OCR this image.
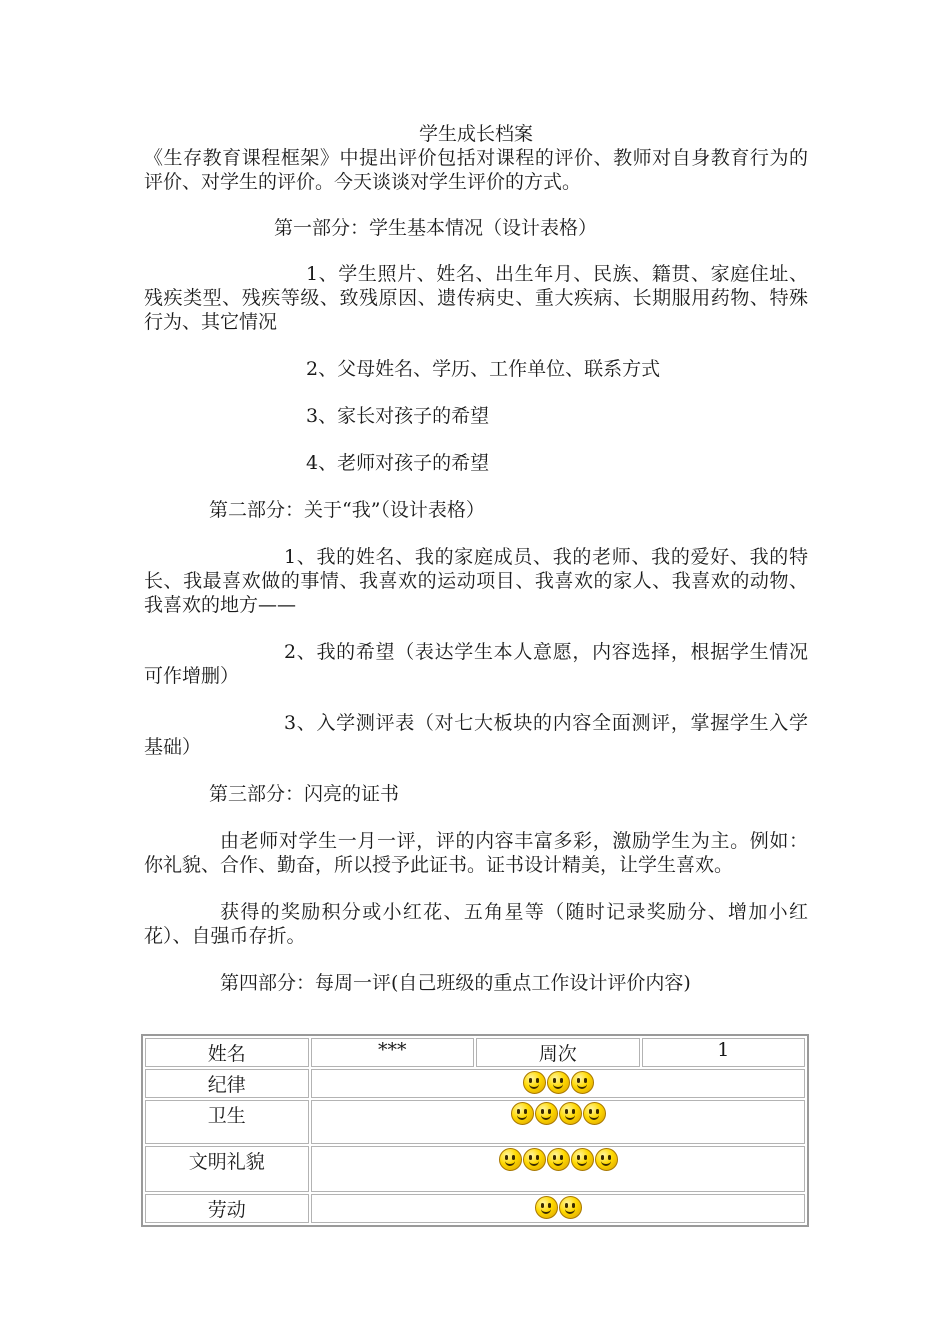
学生成长档案

《生存教育课程框架》中提出评价包括对课程的评价、教师对自身教育行为的评价、对学生的评价。今天谈谈对学生评价的方式。

第一部分：学生基本情况（设计表格）

1、学生照片、姓名、出生年月、民族、籍贯、家庭住址、残疾类型、残疾等级、致残原因、遗传病史、重大疾病、长期服用药物、特殊行为、其它情况

2、父母姓名、学历、工作单位、联系方式

3、家长对孩子的希望

4、老师对孩子的希望

第二部分：关于“我”（设计表格）

1、我的姓名、我的家庭成员、我的老师、我的爱好、我的特长、我最喜欢做的事情、我喜欢的运动项目、我喜欢的家人、我喜欢的动物、我喜欢的地方——

2、我的希望（表达学生本人意愿，内容选择，根据学生情况可作增删）

3、入学测评表（对七大板块的内容全面测评，掌握学生入学基础）

第三部分：闪亮的证书

由老师对学生一月一评，评的内容丰富多彩，激励学生为主。例如：你礼貌、合作、勤奋，所以授予此证书。证书设计精美，让学生喜欢。

获得的奖励积分或小红花、五角星等（随时记录奖励分、增加小红花）、自强币存折。

第四部分：每周一评(自己班级的重点工作设计评价内容)

姓名	***	周次	1
纪律			
卫生			
文明礼貌			
劳动			
